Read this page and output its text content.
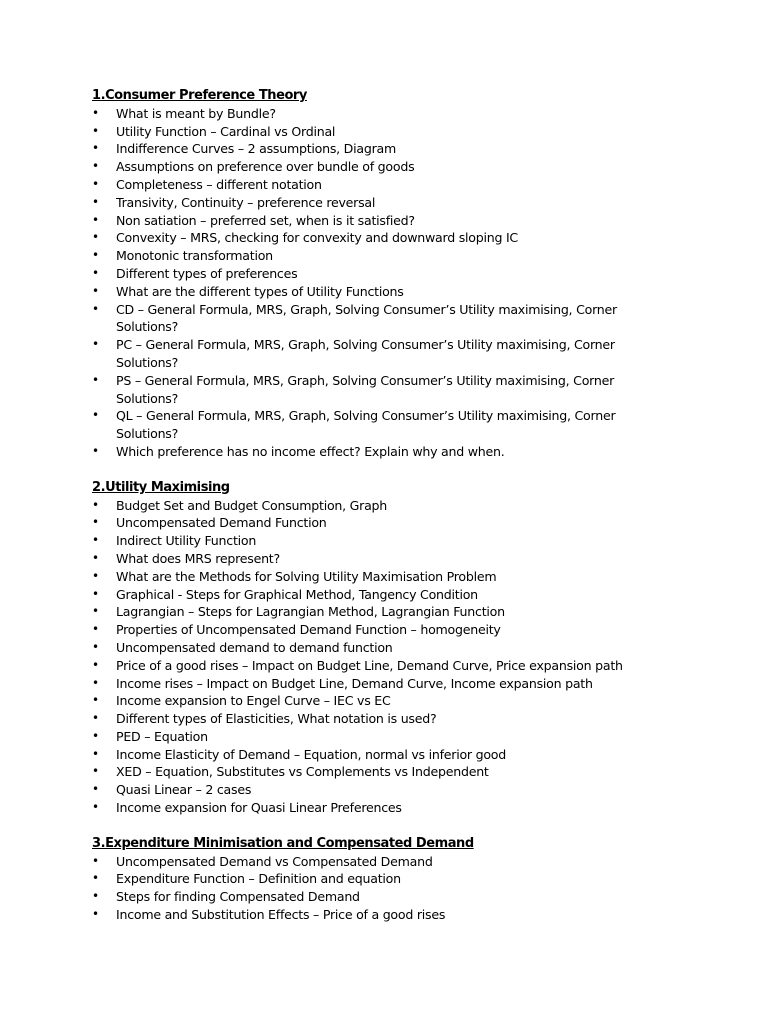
1.Consumer Preference Theory
• What is meant by Bundle?
• Utility Function – Cardinal vs Ordinal
• Indifference Curves – 2 assumptions, Diagram
• Assumptions on preference over bundle of goods
• Completeness – different notation
• Transivity, Continuity – preference reversal
• Non satiation – preferred set, when is it satisfied?
• Convexity – MRS, checking for convexity and downward sloping IC
• Monotonic transformation
• Different types of preferences
• What are the different types of Utility Functions
• CD – General Formula, MRS, Graph, Solving Consumer’s Utility maximising, Corner Solutions?
• PC – General Formula, MRS, Graph, Solving Consumer’s Utility maximising, Corner Solutions?
• PS – General Formula, MRS, Graph, Solving Consumer’s Utility maximising, Corner Solutions?
• QL – General Formula, MRS, Graph, Solving Consumer’s Utility maximising, Corner Solutions?
• Which preference has no income effect? Explain why and when.
2.Utility Maximising
• Budget Set and Budget Consumption, Graph
• Uncompensated Demand Function
• Indirect Utility Function
• What does MRS represent?
• What are the Methods for Solving Utility Maximisation Problem
• Graphical - Steps for Graphical Method, Tangency Condition
• Lagrangian – Steps for Lagrangian Method, Lagrangian Function
• Properties of Uncompensated Demand Function – homogeneity
• Uncompensated demand to demand function
• Price of a good rises – Impact on Budget Line, Demand Curve, Price expansion path
• Income rises – Impact on Budget Line, Demand Curve, Income expansion path
• Income expansion to Engel Curve – IEC vs EC
• Different types of Elasticities, What notation is used?
• PED – Equation
• Income Elasticity of Demand – Equation, normal vs inferior good
• XED – Equation, Substitutes vs Complements vs Independent
• Quasi Linear – 2 cases
• Income expansion for Quasi Linear Preferences
3.Expenditure Minimisation and Compensated Demand
• Uncompensated Demand vs Compensated Demand
• Expenditure Function – Definition and equation
• Steps for finding Compensated Demand
• Income and Substitution Effects – Price of a good rises
